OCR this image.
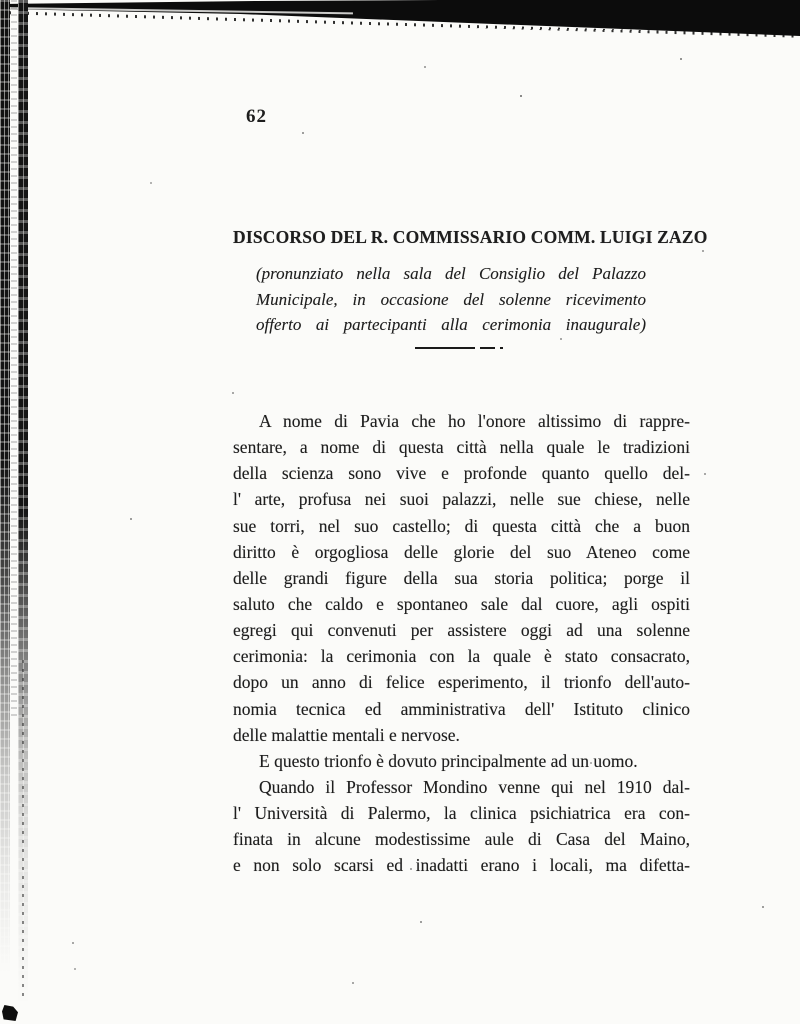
62
DISCORSO DEL R. COMMISSARIO COMM. LUIGI ZAZO
(pronunziato nella sala del Consiglio del Palazzo
Municipale, in occasione del solenne ricevimento
offerto ai partecipanti alla cerimonia inaugurale)
A nome di Pavia che ho l'onore altissimo di rappre-
sentare, a nome di questa città nella quale le tradizioni
della scienza sono vive e profonde quanto quello del-
l' arte, profusa nei suoi palazzi, nelle sue chiese, nelle
sue torri, nel suo castello; di questa città che a buon
diritto è orgogliosa delle glorie del suo Ateneo come
delle grandi figure della sua storia politica; porge il
saluto che caldo e spontaneo sale dal cuore, agli ospiti
egregi qui convenuti per assistere oggi ad una solenne
cerimonia: la cerimonia con la quale è stato consacrato,
dopo un anno di felice esperimento, il trionfo dell'auto-
nomia tecnica ed amministrativa dell' Istituto clinico
delle malattie mentali e nervose.
E questo trionfo è dovuto principalmente ad un uomo.
Quando il Professor Mondino venne qui nel 1910 dal-
l' Università di Palermo, la clinica psichiatrica era con-
finata in alcune modestissime aule di Casa del Maino,
e non solo scarsi ed inadatti erano i locali, ma difetta-
